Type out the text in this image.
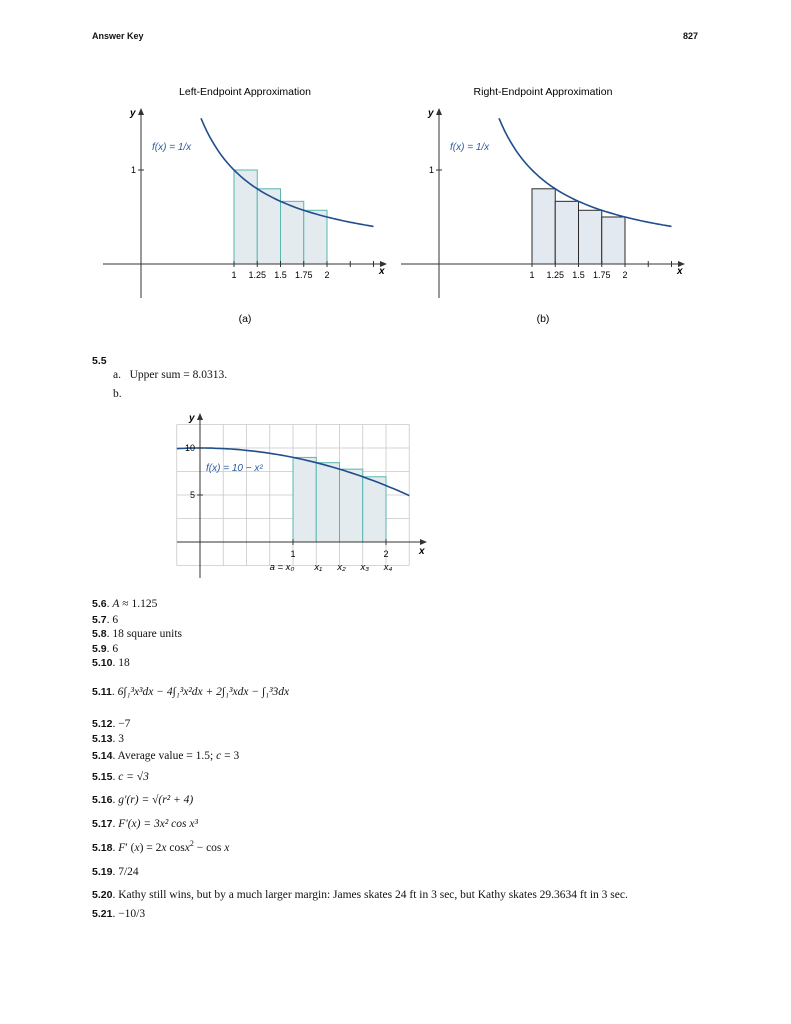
Answer Key	827
Left-Endpoint Approximation
(a)
x
y
1 1.25 1.5 1.75 2
1
f(x) = 1/x
Right-Endpoint Approximation
(b)
x
y
1 1.25 1.5 1.75 2
1
f(x) = 1/x
x
y
1	2
5
10
a = x₀ x₁ x₂ x₃ x₄
f(x) = 10 − x²
5.5
a. Upper sum = 8.0313.
b.
5.6. A ≈ 1.125
5.7. 6
5.8. 18 square units
5.9. 6
5.10. 18
5.11. 6∫₁³x³dx − 4∫₁³x²dx + 2∫₁³xdx − ∫₁³3dx
5.12. −7
5.13. 3
5.14. Average value = 1.5; c = 3
5.15. c = √3
5.16. g′(r) = √(r² + 4)
5.17. F′(x) = 3x² cos x³
5.18. F′ (x) = 2x cosx$^2$ − cos x
5.19. 7/24
5.20. Kathy still wins, but by a much larger margin: James skates 24 ft in 3 sec, but Kathy skates 29.3634 ft in 3 sec.
5.21. −10/3
